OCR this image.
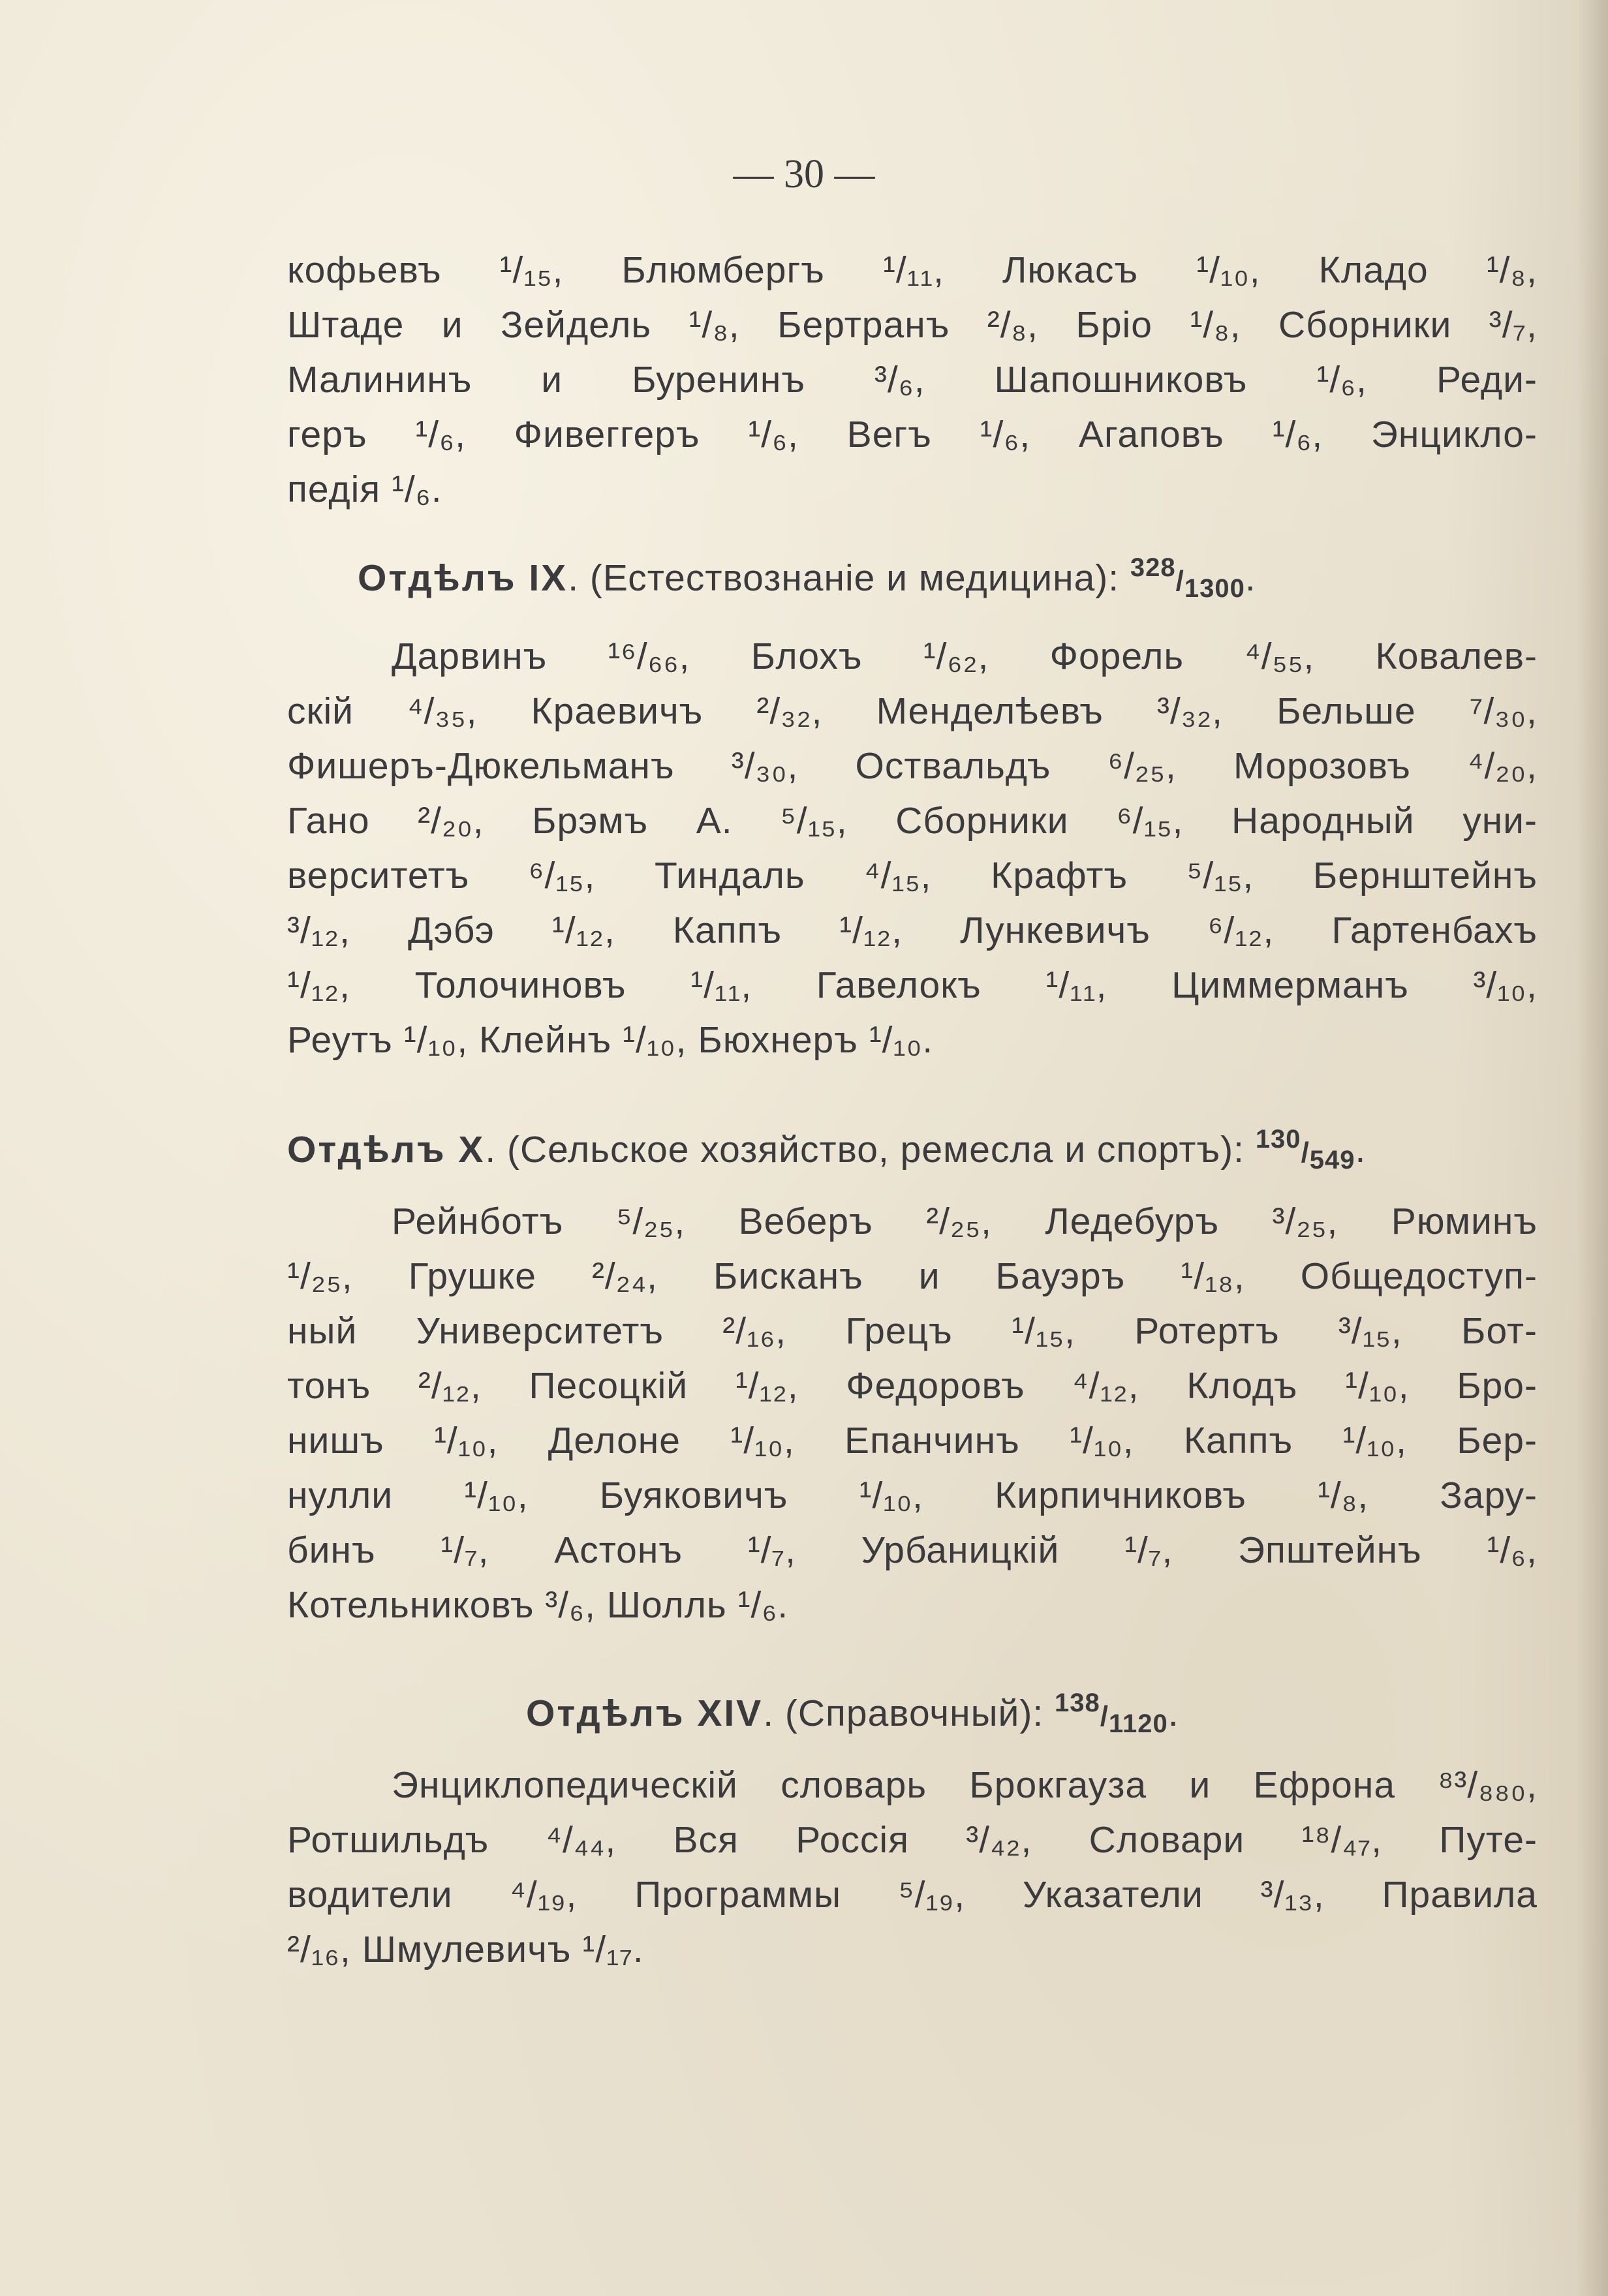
— 30 —
кофьевъ ¹/₁₅, Блюмбергъ ¹/₁₁, Люкасъ ¹/₁₀, Кладо ¹/₈,
Штаде и Зейдель ¹/₈, Бертранъ ²/₈, Бріо ¹/₈, Сборники ³/₇,
Малининъ и Буренинъ ³/₆, Шапошниковъ ¹/₆, Реди-
геръ ¹/₆, Фивеггеръ ¹/₆, Вегъ ¹/₆, Агаповъ ¹/₆, Энцикло-
педія ¹/₆.
Отдѣлъ IX. (Естествознаніе и медицина): $^{328}/_{1300}$.
Дарвинъ ¹⁶/₆₆, Блохъ ¹/₆₂, Форель ⁴/₅₅, Ковалев-
скій ⁴/₃₅, Краевичъ ²/₃₂, Менделѣевъ ³/₃₂, Бельше ⁷/₃₀,
Фишеръ-Дюкельманъ ³/₃₀, Оствальдъ ⁶/₂₅, Морозовъ ⁴/₂₀,
Гано ²/₂₀, Брэмъ А. ⁵/₁₅, Сборники ⁶/₁₅, Народный уни-
верситетъ ⁶/₁₅, Тиндаль ⁴/₁₅, Крафтъ ⁵/₁₅, Бернштейнъ
³/₁₂, Дэбэ ¹/₁₂, Каппъ ¹/₁₂, Лункевичъ ⁶/₁₂, Гартенбахъ
¹/₁₂, Толочиновъ ¹/₁₁, Гавелокъ ¹/₁₁, Циммерманъ ³/₁₀,
Реутъ ¹/₁₀, Клейнъ ¹/₁₀, Бюхнеръ ¹/₁₀.
Отдѣлъ X. (Сельское хозяйство, ремесла и спортъ): $^{130}/_{549}$.
Рейнботъ ⁵/₂₅, Веберъ ²/₂₅, Ледебуръ ³/₂₅, Рюминъ
¹/₂₅, Грушке ²/₂₄, Бисканъ и Бауэръ ¹/₁₈, Общедоступ-
ный Университетъ ²/₁₆, Грецъ ¹/₁₅, Ротертъ ³/₁₅, Бот-
тонъ ²/₁₂, Песоцкій ¹/₁₂, Федоровъ ⁴/₁₂, Клодъ ¹/₁₀, Бро-
нишъ ¹/₁₀, Делоне ¹/₁₀, Епанчинъ ¹/₁₀, Каппъ ¹/₁₀, Бер-
нулли ¹/₁₀, Буяковичъ ¹/₁₀, Кирпичниковъ ¹/₈, Зару-
бинъ ¹/₇, Астонъ ¹/₇, Урбаницкій ¹/₇, Эпштейнъ ¹/₆,
Котельниковъ ³/₆, Шолль ¹/₆.
Отдѣлъ XIV. (Справочный): $^{138}/_{1120}$.
Энциклопедическій словарь Брокгауза и Ефрона ⁸³/₈₈₀,
Ротшильдъ ⁴/₄₄, Вся Россія ³/₄₂, Словари ¹⁸/₄₇, Путе-
водители ⁴/₁₉, Программы ⁵/₁₉, Указатели ³/₁₃, Правила
²/₁₆, Шмулевичъ ¹/₁₇.
